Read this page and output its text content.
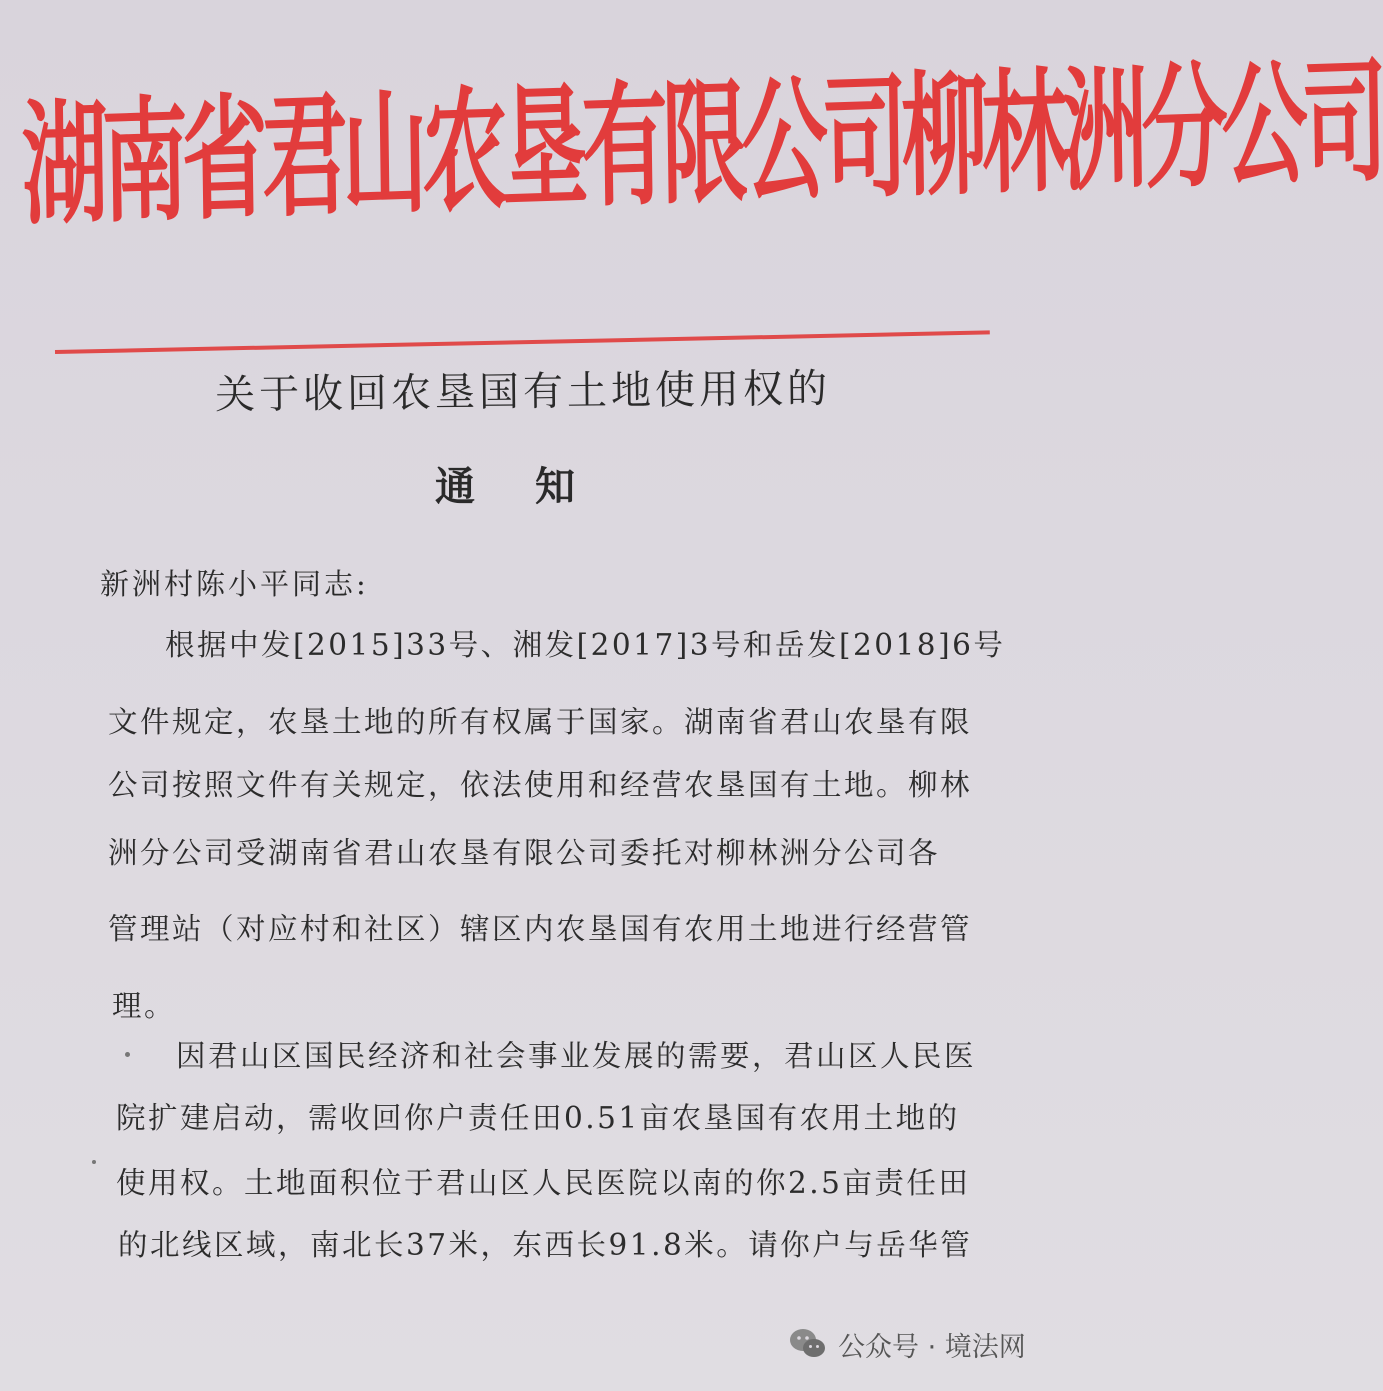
湖南省君山农垦有限公司柳林洲分公司
关于收回农垦国有土地使用权的
通知
新洲村陈小平同志:
根据中发[2015]33号、湘发[2017]3号和岳发[2018]6号
文件规定，农垦土地的所有权属于国家。湖南省君山农垦有限
公司按照文件有关规定，依法使用和经营农垦国有土地。柳林
洲分公司受湖南省君山农垦有限公司委托对柳林洲分公司各
管理站（对应村和社区）辖区内农垦国有农用土地进行经营管
理。
因君山区国民经济和社会事业发展的需要，君山区人民医
院扩建启动，需收回你户责任田0.51亩农垦国有农用土地的
使用权。土地面积位于君山区人民医院以南的你2.5亩责任田
的北线区域，南北长37米，东西长91.8米。请你户与岳华管
公众号 · 境法网
